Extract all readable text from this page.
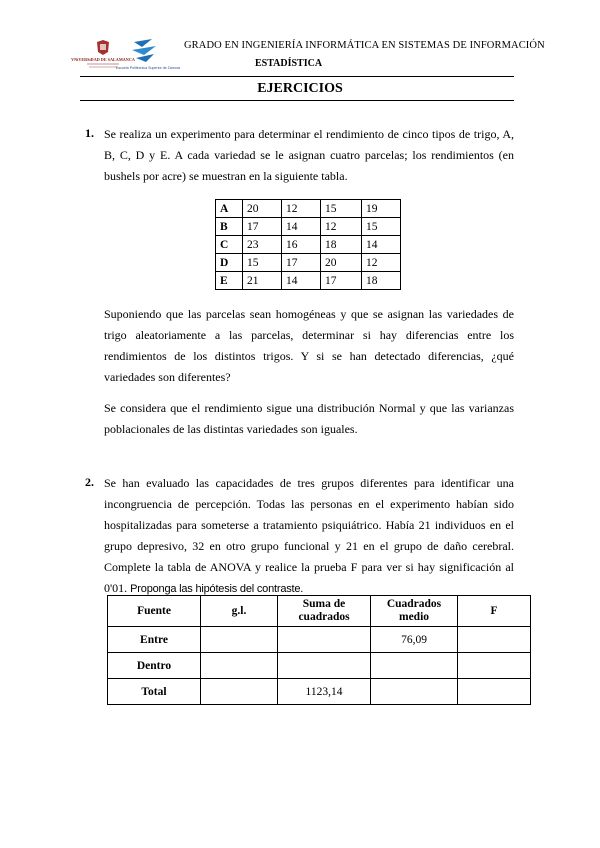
VNiVERSiDAD DE SALAMANCA
Escuela Politécnica Superior de Zamora
GRADO EN INGENIERÍA INFORMÁTICA EN SISTEMAS DE INFORMACIÓN
ESTADÍSTICA
EJERCICIOS
1. Se realiza un experimento para determinar el rendimiento de cinco tipos de trigo, A, B, C, D y E. A cada variedad se le asignan cuatro parcelas; los rendimientos (en bushels por acre) se muestran en la siguiente tabla.
A	20	12	15	19
B	17	14	12	15
C	23	16	18	14
D	15	17	20	12
E	21	14	17	18
Suponiendo que las parcelas sean homogéneas y que se asignan las variedades de trigo aleatoriamente a las parcelas, determinar si hay diferencias entre los rendimientos de los distintos trigos. Y si se han detectado diferencias, ¿qué variedades son diferentes?
Se considera que el rendimiento sigue una distribución Normal y que las varianzas poblacionales de las distintas variedades son iguales.
2. Se han evaluado las capacidades de tres grupos diferentes para identificar una incongruencia de percepción. Todas las personas en el experimento habían sido hospitalizadas para someterse a tratamiento psiquiátrico. Había 21 individuos en el grupo depresivo, 32 en otro grupo funcional y 21 en el grupo de daño cerebral. Complete la tabla de ANOVA y realice la prueba F para ver si hay significación al 0'01. Proponga las hipótesis del contraste.
Fuente	g.l.	Suma de cuadrados	Cuadrados medio	F
Entre			76,09	
Dentro				
Total		1123,14		
